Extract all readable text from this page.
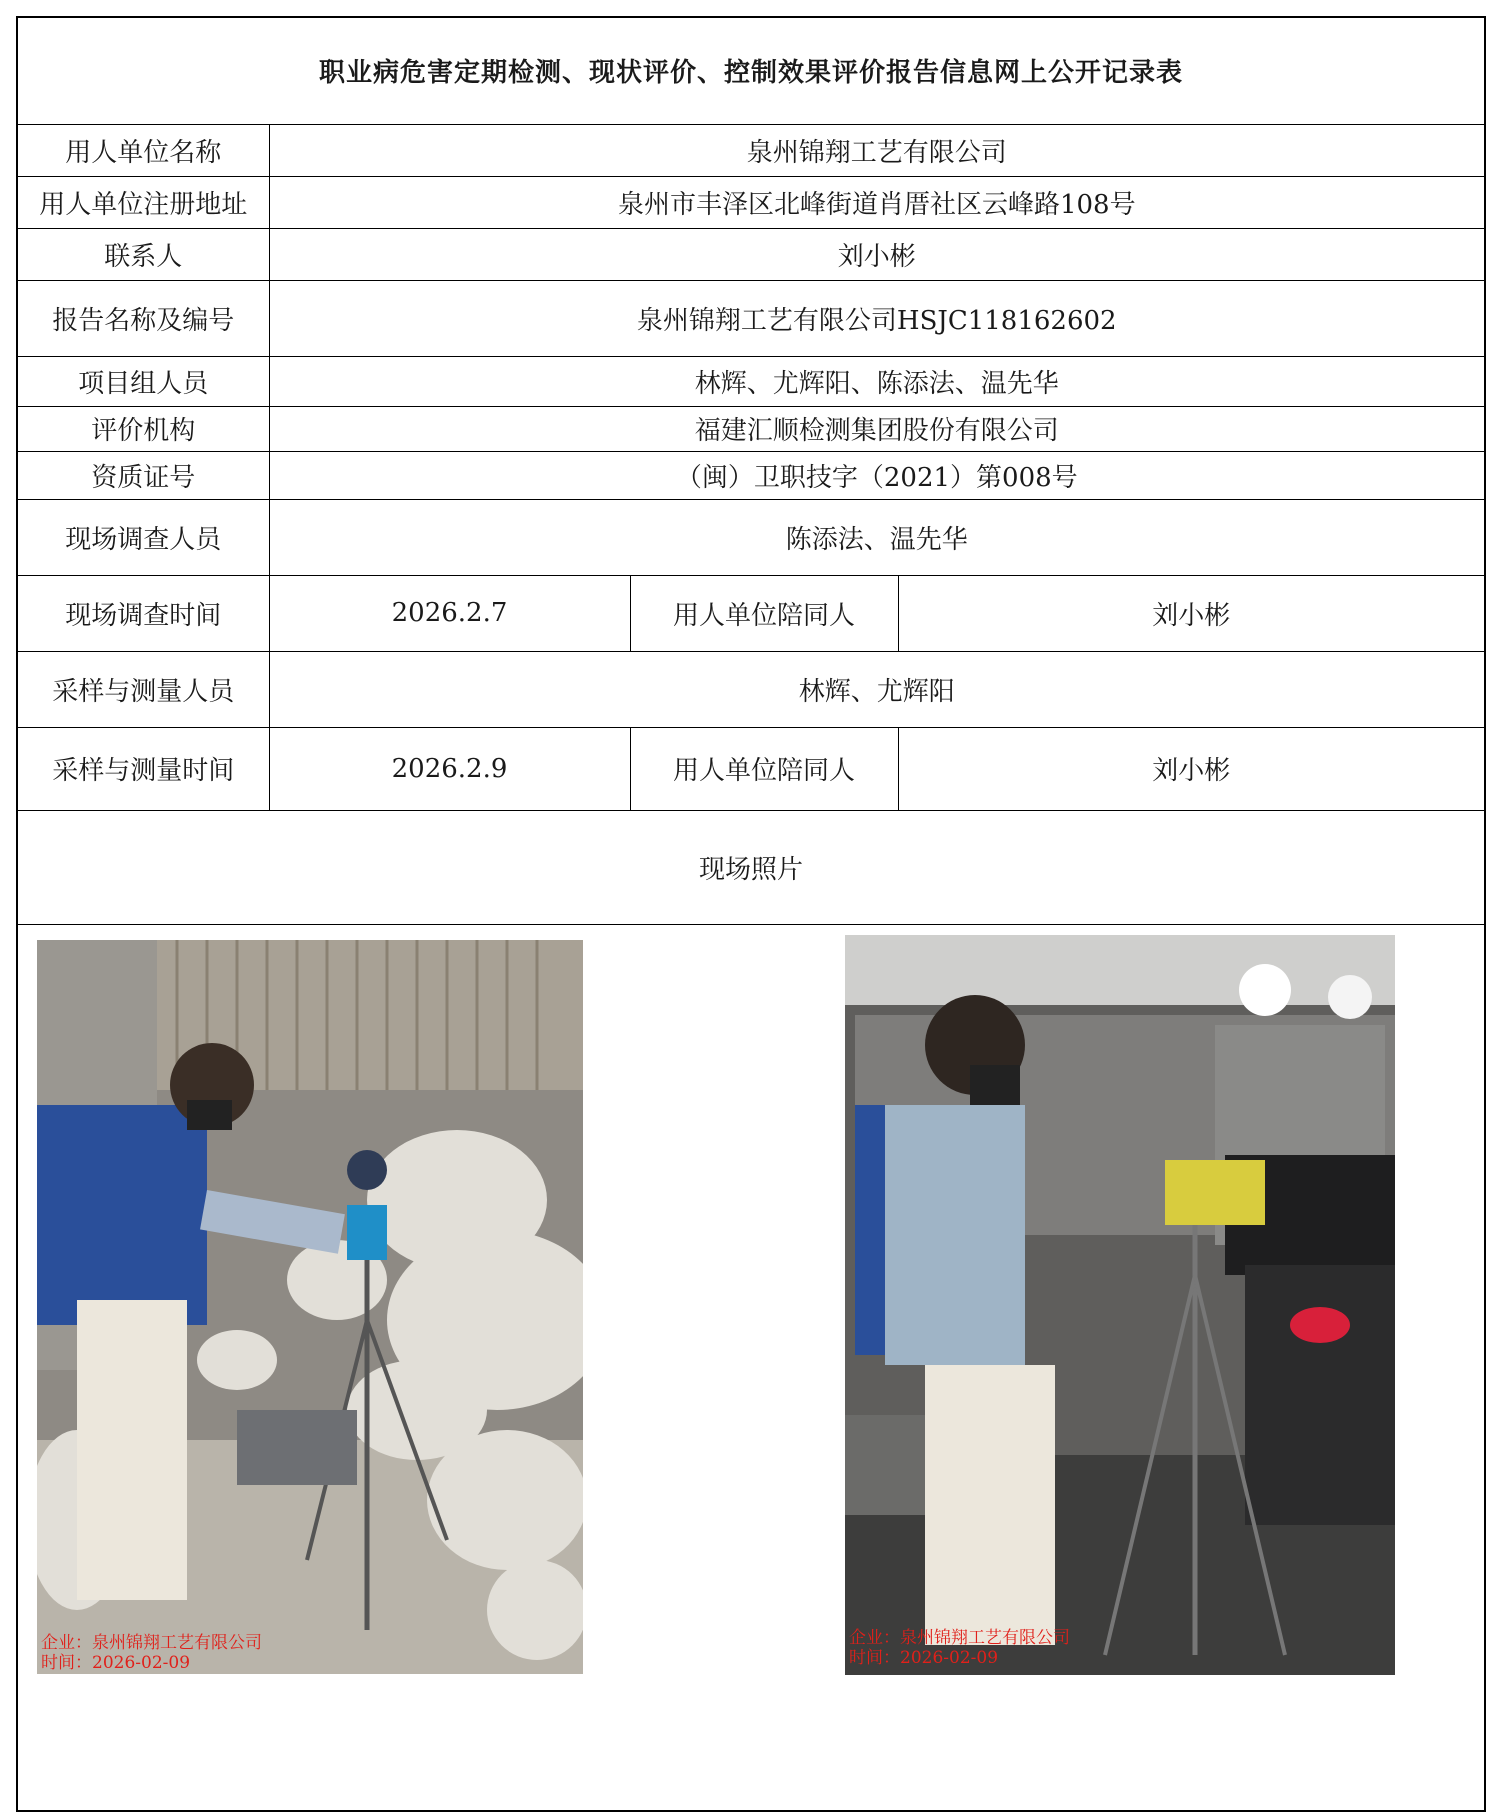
职业病危害定期检测、现状评价、控制效果评价报告信息网上公开记录表			
用人单位名称	泉州锦翔工艺有限公司		
用人单位注册地址	泉州市丰泽区北峰街道肖厝社区云峰路108号		
联系人	刘小彬		
报告名称及编号	泉州锦翔工艺有限公司HSJC118162602		
项目组人员	林辉、尤辉阳、陈添法、温先华		
评价机构	福建汇顺检测集团股份有限公司		
资质证号	（闽）卫职技字（2021）第008号		
现场调查人员	陈添法、温先华		
现场调查时间	2026.2.7	用人单位陪同人	刘小彬
采样与测量人员	林辉、尤辉阳		
采样与测量时间	2026.2.9	用人单位陪同人	刘小彬
现场照片			
企业：泉州锦翔工艺有限公司
时间：2026-02-09
企业：泉州锦翔工艺有限公司
时间：2026-02-09
